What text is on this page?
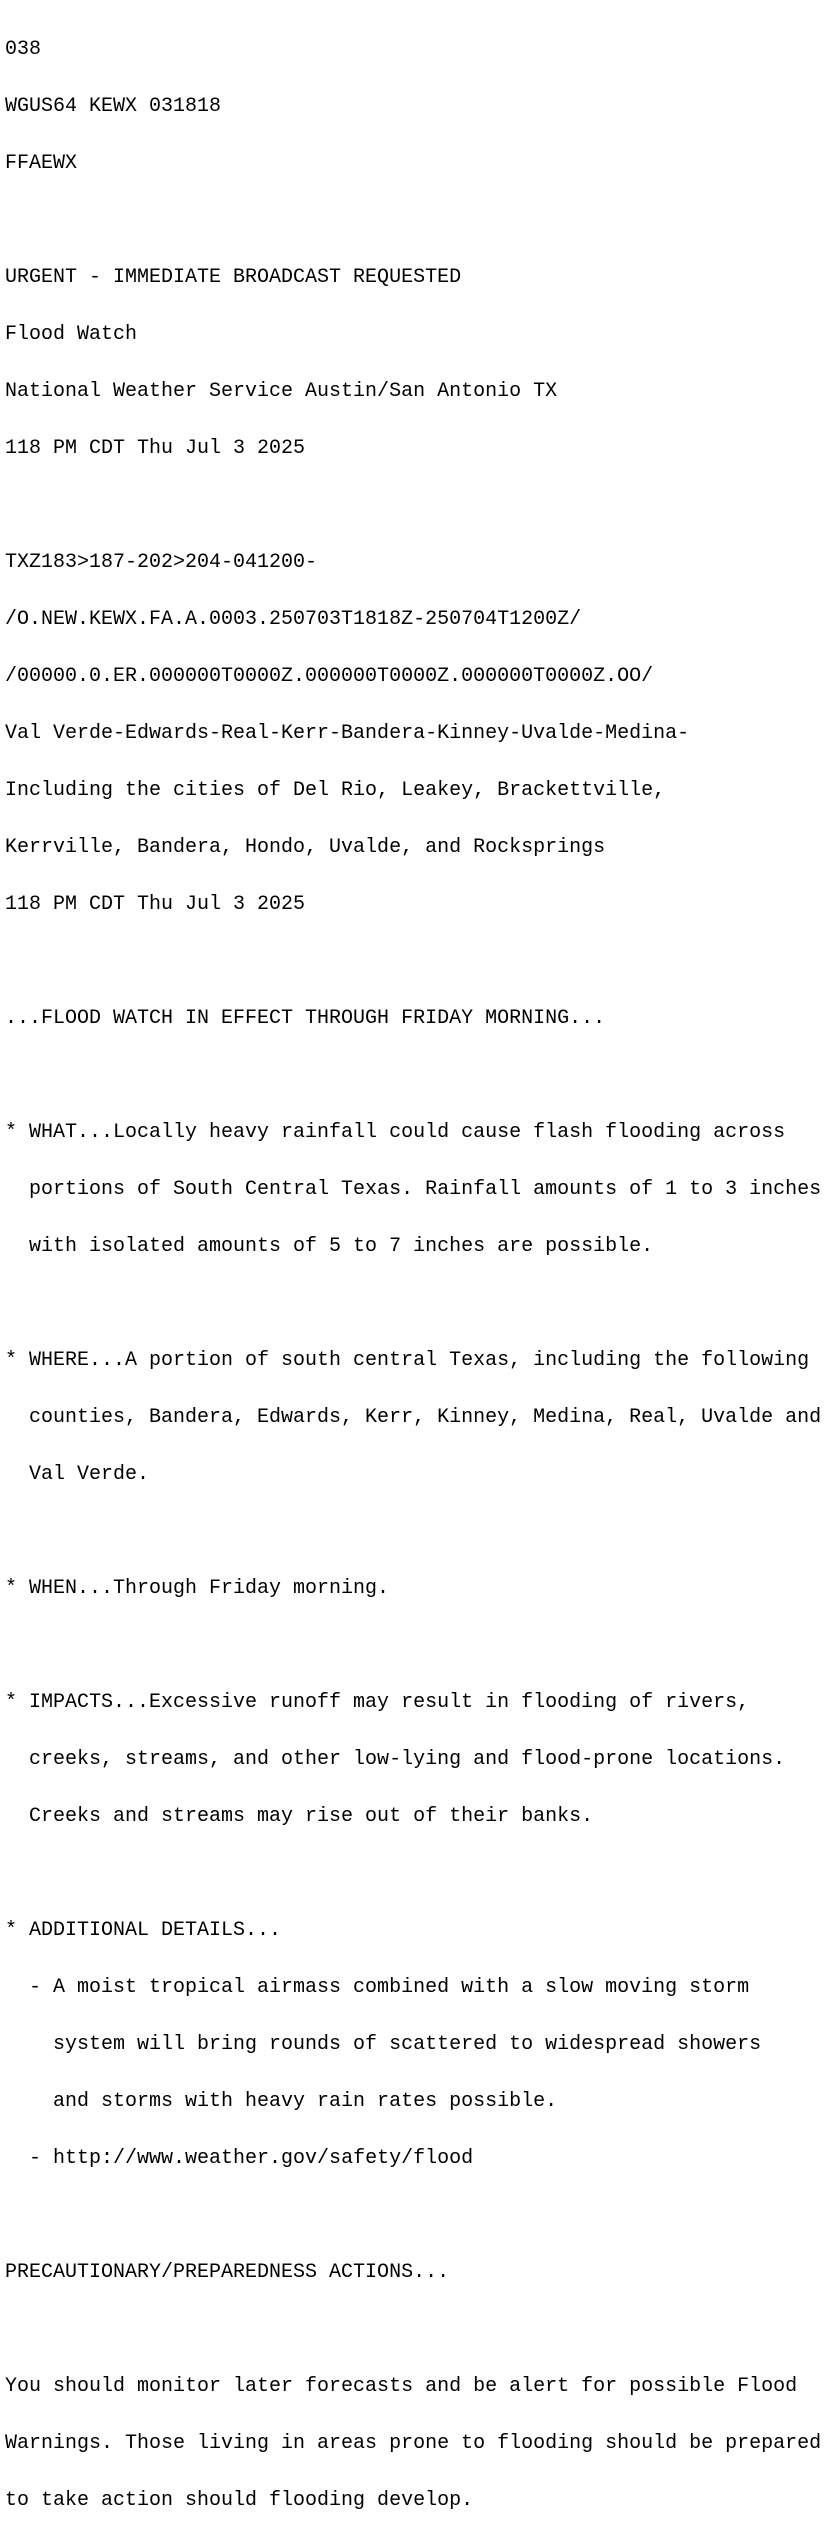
038

WGUS64 KEWX 031818

FFAEWX

URGENT - IMMEDIATE BROADCAST REQUESTED

Flood Watch

National Weather Service Austin/San Antonio TX

118 PM CDT Thu Jul 3 2025

TXZ183>187-202>204-041200-

/O.NEW.KEWX.FA.A.0003.250703T1818Z-250704T1200Z/

/00000.0.ER.000000T0000Z.000000T0000Z.000000T0000Z.OO/

Val Verde-Edwards-Real-Kerr-Bandera-Kinney-Uvalde-Medina-

Including the cities of Del Rio, Leakey, Brackettville,

Kerrville, Bandera, Hondo, Uvalde, and Rocksprings

118 PM CDT Thu Jul 3 2025

...FLOOD WATCH IN EFFECT THROUGH FRIDAY MORNING...

* WHAT...Locally heavy rainfall could cause flash flooding across

portions of South Central Texas. Rainfall amounts of 1 to 3 inches

with isolated amounts of 5 to 7 inches are possible.

* WHERE...A portion of south central Texas, including the following

counties, Bandera, Edwards, Kerr, Kinney, Medina, Real, Uvalde and

Val Verde.

* WHEN...Through Friday morning.

* IMPACTS...Excessive runoff may result in flooding of rivers,

creeks, streams, and other low-lying and flood-prone locations.

Creeks and streams may rise out of their banks.

* ADDITIONAL DETAILS...

- A moist tropical airmass combined with a slow moving storm

system will bring rounds of scattered to widespread showers

and storms with heavy rain rates possible.

- http://www.weather.gov/safety/flood

PRECAUTIONARY/PREPAREDNESS ACTIONS...

You should monitor later forecasts and be alert for possible Flood

Warnings. Those living in areas prone to flooding should be prepared

to take action should flooding develop.
